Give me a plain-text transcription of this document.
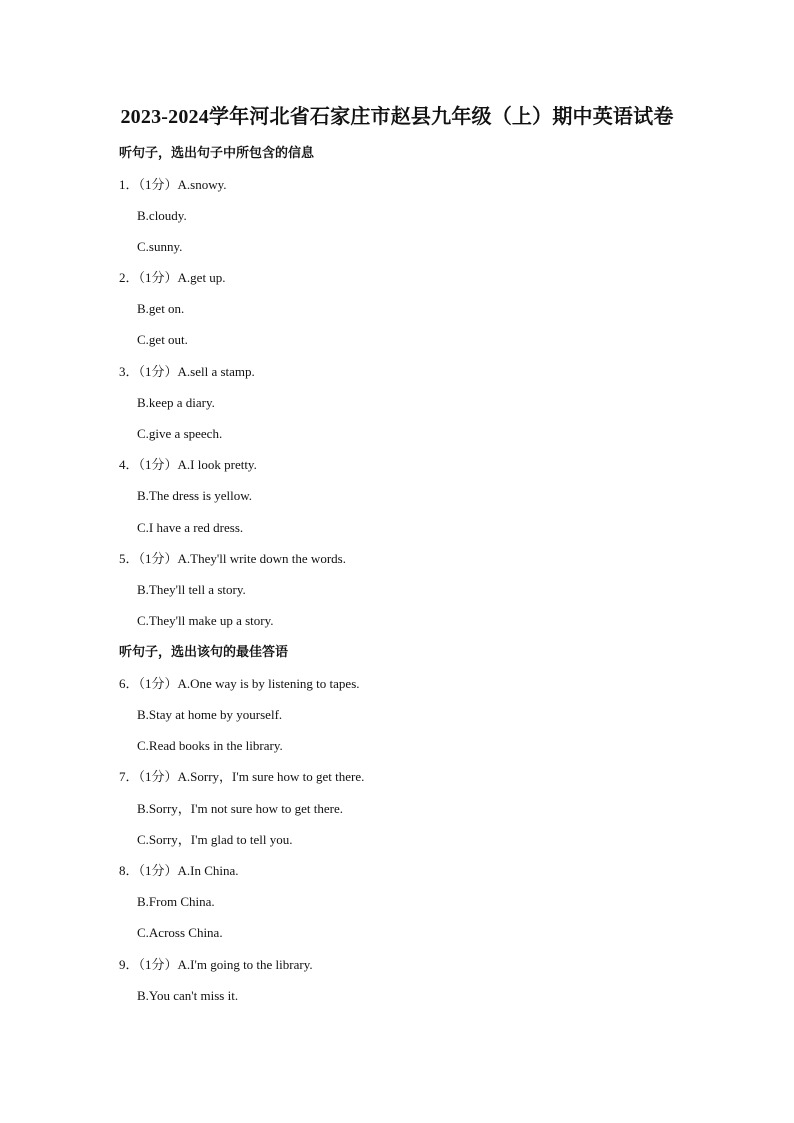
2023-2024学年河北省石家庄市赵县九年级（上）期中英语试卷
听句子，选出句子中所包含的信息
1．（1分）A.snowy.
B.cloudy.
C.sunny.
2．（1分）A.get up.
B.get on.
C.get out.
3．（1分）A.sell a stamp.
B.keep a diary.
C.give a speech.
4．（1分）A.I look pretty.
B.The dress is yellow.
C.I have a red dress.
5．（1分）A.They'll write down the words.
B.They'll tell a story.
C.They'll make up a story.
听句子，选出该句的最佳答语
6．（1分）A.One way is by listening to tapes.
B.Stay at home by yourself.
C.Read books in the library.
7．（1分）A.Sorry，I'm sure how to get there.
B.Sorry，I'm not sure how to get there.
C.Sorry，I'm glad to tell you.
8．（1分）A.In China.
B.From China.
C.Across China.
9．（1分）A.I'm going to the library.
B.You can't miss it.
